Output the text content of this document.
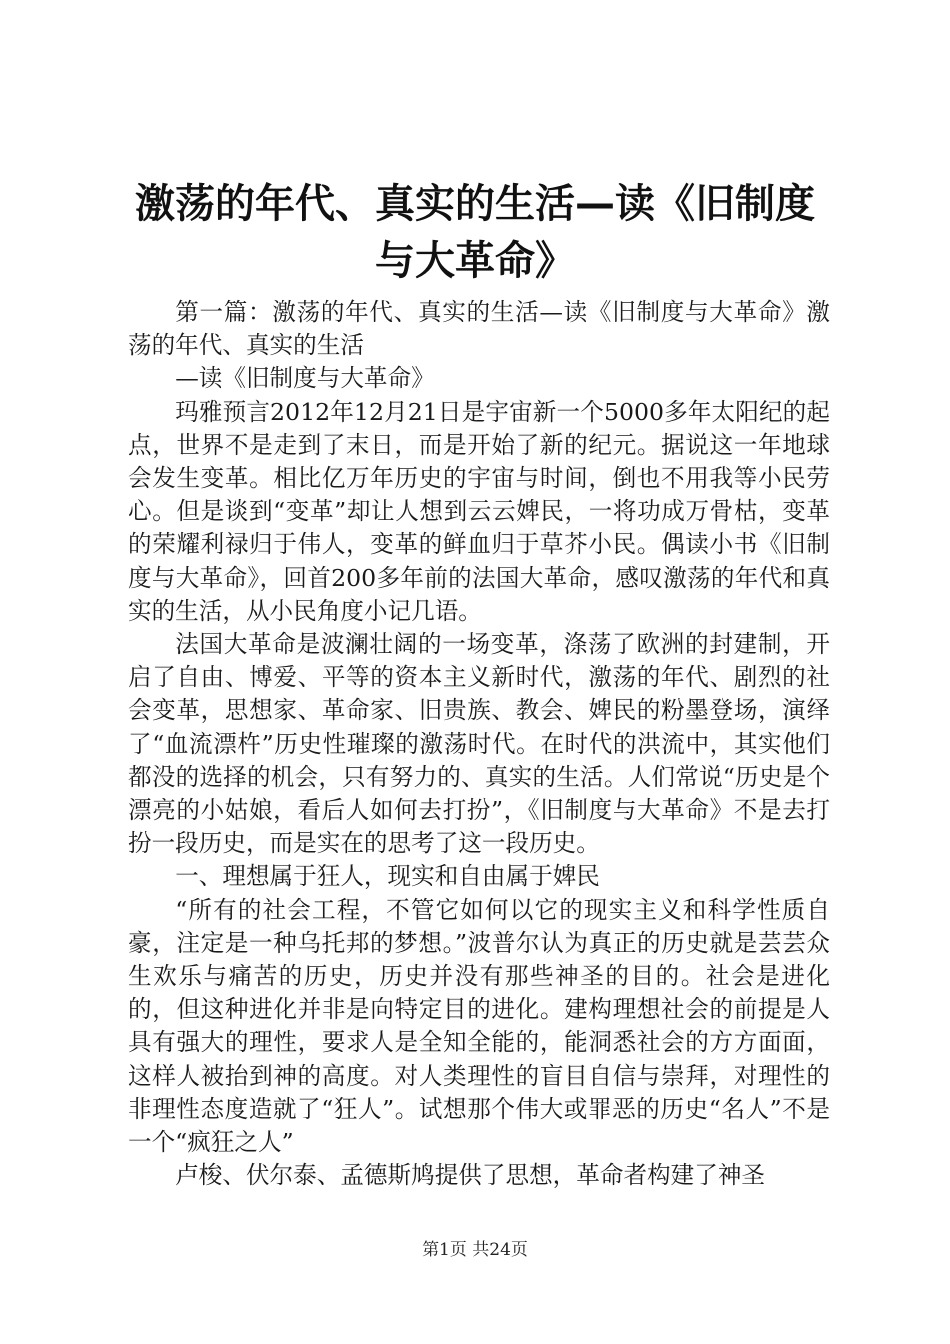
激荡的年代、真实的生活—读《旧制度与大革命》

第一篇：激荡的年代、真实的生活—读《旧制度与大革命》激荡的年代、真实的生活

—读《旧制度与大革命》

玛雅预言2012年12月21日是宇宙新一个5000多年太阳纪的起点，世界不是走到了末日，而是开始了新的纪元。据说这一年地球会发生变革。相比亿万年历史的宇宙与时间，倒也不用我等小民劳心。但是谈到“变革”却让人想到云云婢民，一将功成万骨枯，变革的荣耀利禄归于伟人，变革的鲜血归于草芥小民。偶读小书《旧制度与大革命》，回首200多年前的法国大革命，感叹激荡的年代和真实的生活，从小民角度小记几语。

法国大革命是波澜壮阔的一场变革，涤荡了欧洲的封建制，开启了自由、博爱、平等的资本主义新时代，激荡的年代、剧烈的社会变革，思想家、革命家、旧贵族、教会、婢民的粉墨登场，演绎了“血流漂杵”历史性璀璨的激荡时代。在时代的洪流中，其实他们都没的选择的机会，只有努力的、真实的生活。人们常说“历史是个漂亮的小姑娘，看后人如何去打扮”，《旧制度与大革命》不是去打扮一段历史，而是实在的思考了这一段历史。

一、理想属于狂人，现实和自由属于婢民

“所有的社会工程，不管它如何以它的现实主义和科学性质自豪，注定是一种乌托邦的梦想。”波普尔认为真正的历史就是芸芸众生欢乐与痛苦的历史，历史并没有那些神圣的目的。社会是进化的，但这种进化并非是向特定目的进化。建构理想社会的前提是人具有强大的理性，要求人是全知全能的，能洞悉社会的方方面面，这样人被抬到神的高度。对人类理性的盲目自信与崇拜，对理性的非理性态度造就了“狂人”。试想那个伟大或罪恶的历史“名人”不是一个“疯狂之人”

卢梭、伏尔泰、孟德斯鸠提供了思想，革命者构建了神圣

第1页 共24页
